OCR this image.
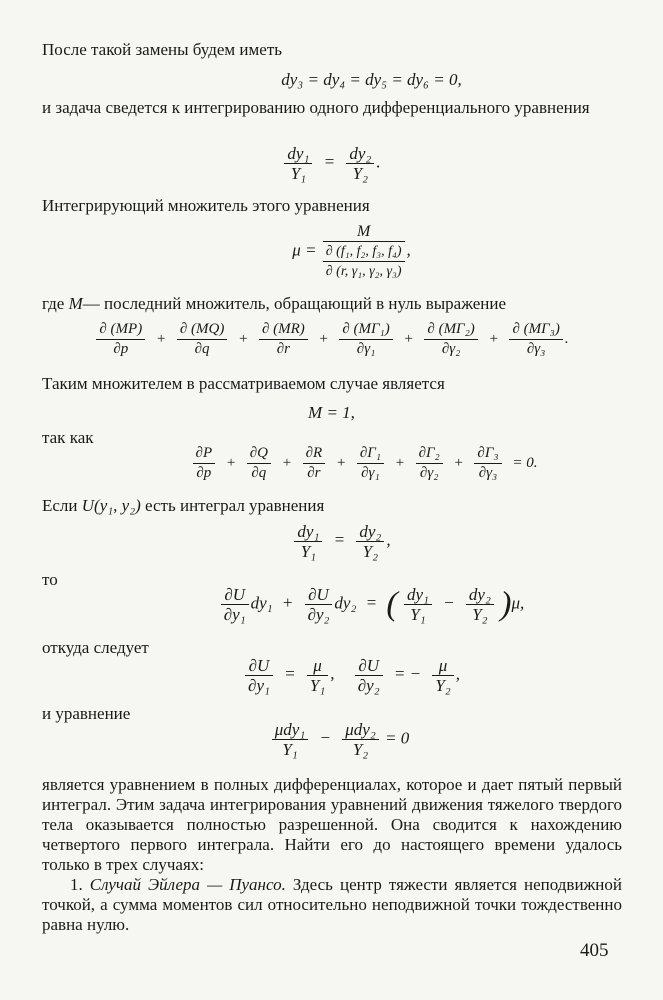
После такой замены будем иметь
dy₃ = dy₄ = dy₅ = dy₆ = 0,
и задача сведется к интегрированию одного дифференциального уравнения
$\frac{\text{dy₁}}{\text{Y₁}} = \frac{\text{dy₂}}{\text{Y₂}}$ .
Интегрирующий множитель этого уравнения
μ =
M
∂ (f₁, f₂, f₃, f₄)
∂ (r, γ₁, γ₂, γ₃)
,
где M— последний множитель, обращающий в нуль выражение
$\frac{\partial (MP)}{\partial p} + \frac{\partial (MQ)}{\partial q} + \frac{\partial (MR)}{\partial r} + \frac{\text{∂ (MΓ₁)}}{\text{∂γ₁}} + \frac{\text{∂ (MΓ₂)}}{\text{∂γ₂}} + \frac{\text{∂ (MΓ₃)}}{\text{∂γ₃}}$ .
Таким множителем в рассматриваемом случае является
M = 1,
так как
$\frac{\partial P}{\partial p} + \frac{\partial Q}{\partial q} + \frac{\partial R}{\partial r} + \frac{\text{∂Γ₁}}{\text{∂γ₁}} + \frac{\text{∂Γ₂}}{\text{∂γ₂}} + \frac{\text{∂Γ₃}}{\text{∂γ₃}} = 0$.
Если U(y₁, y₂) есть интеграл уравнения
$\frac{\text{dy₁}}{\text{Y₁}} = \frac{\text{dy₂}}{\text{Y₂}}$ ,
то
$\frac{\partial U}{\text{∂y₁}} dy_1 + \frac{\partial U}{\text{∂y₂}} dy_2$ = ( $\frac{\text{dy₁}}{\text{Y₁}} - \frac{\text{dy₂}}{\text{Y₂}} )\mu$,
откуда следует
$\frac{\partial U}{\text{∂y₁}} = \frac{\mu}{\text{Y₁}}$ , $\frac{\partial U}{\text{∂y₂}}$ = − $\frac{\mu}{\text{Y₂}}$ ,
и уравнение
$\frac{\text{μdy₁}}{\text{Y₁}} - \frac{\text{μdy₂}}{\text{Y₂}} = 0$
является уравнением в полных дифференциалах, которое и дает пятый первый интеграл. Этим задача интегрирования уравнений движения тяжелого твердого тела оказывается полностью разрешенной. Она сводится к нахождению четвертого первого интеграла. Найти его до настоящего времени удалось только в трех случаях:
1. Случай Эйлера — Пуансо. Здесь центр тяжести является неподвижной точкой, а сумма моментов сил относительно неподвижной точки тождественно равна нулю.
405
